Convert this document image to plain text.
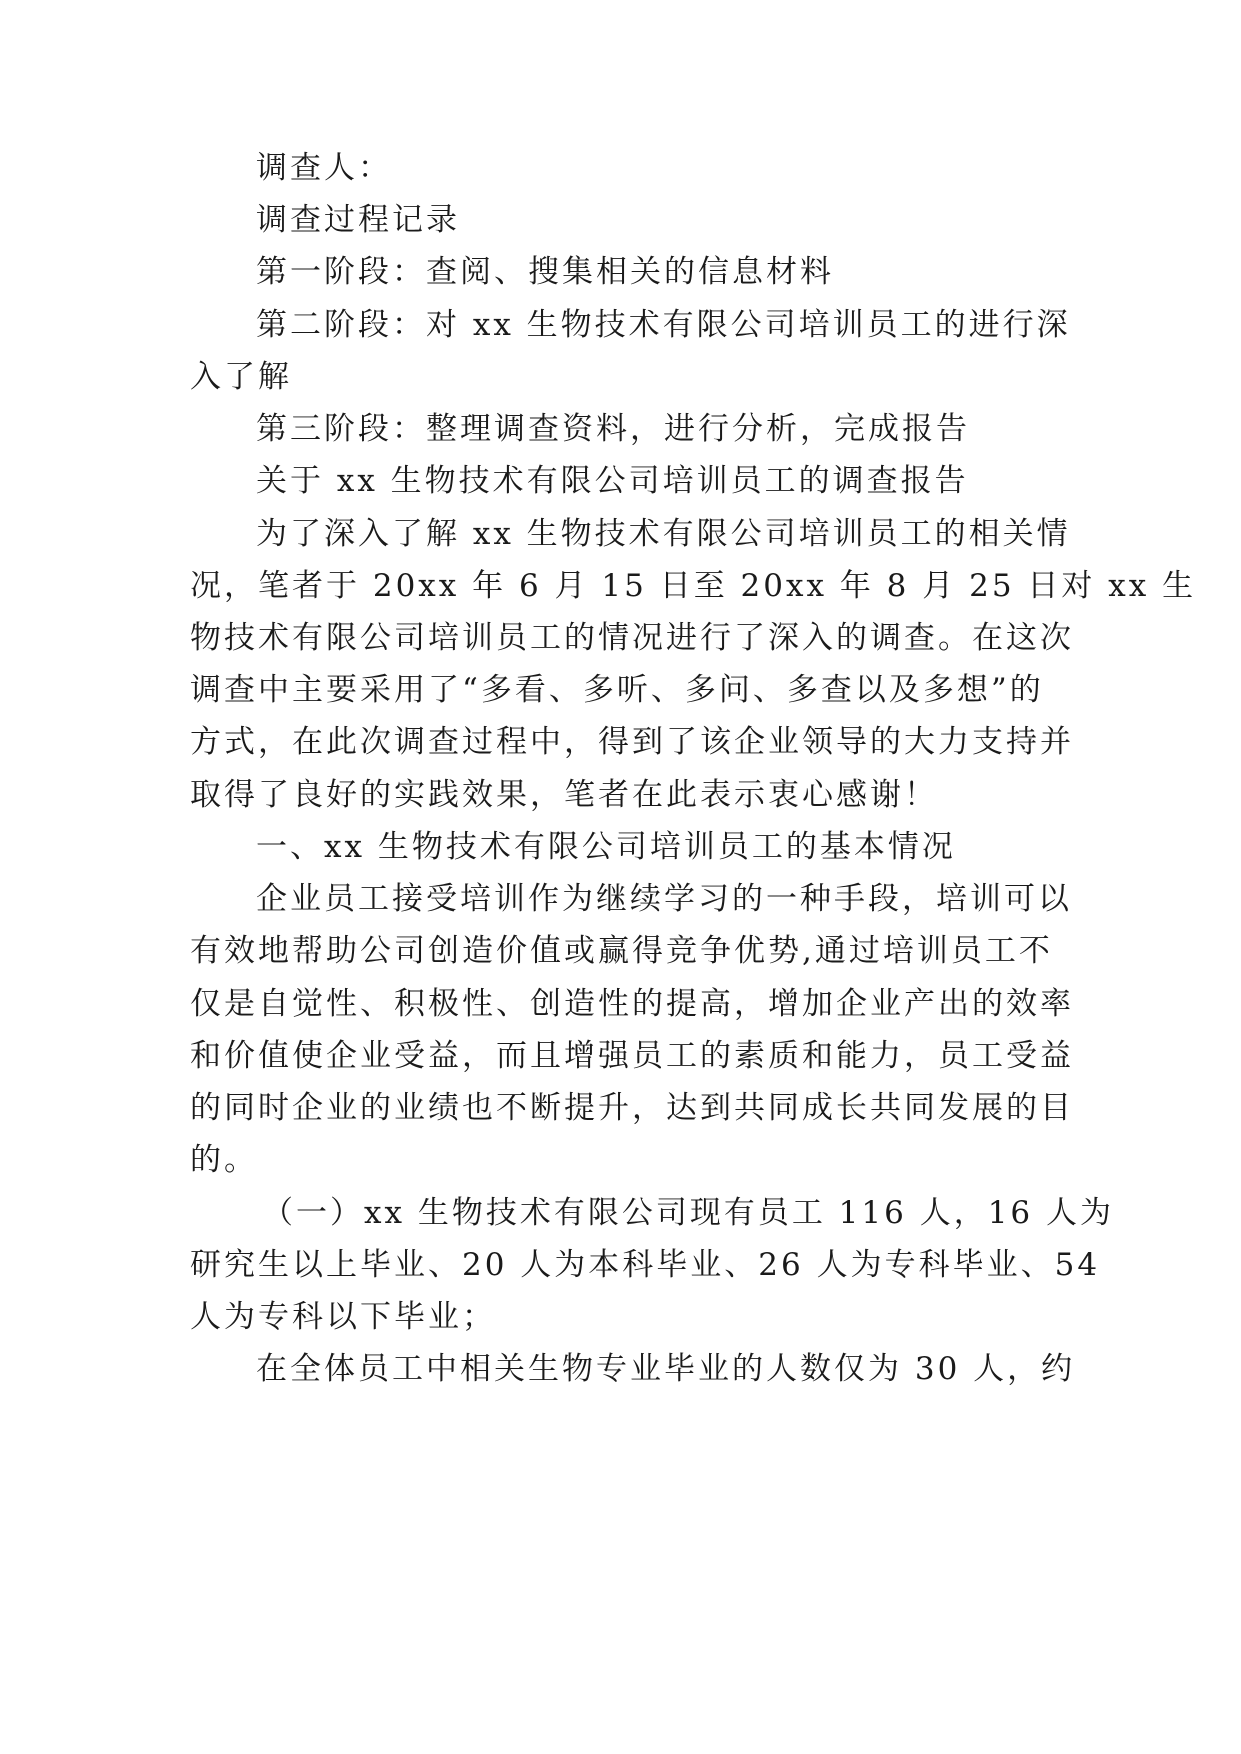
调查人：
调查过程记录
第一阶段：查阅、搜集相关的信息材料
第二阶段：对 xx 生物技术有限公司培训员工的进行深
入了解
第三阶段：整理调查资料，进行分析，完成报告
关于 xx 生物技术有限公司培训员工的调查报告
为了深入了解 xx 生物技术有限公司培训员工的相关情
况，笔者于 20xx 年 6 月 15 日至 20xx 年 8 月 25 日对 xx 生
物技术有限公司培训员工的情况进行了深入的调查。在这次
调查中主要采用了“多看、多听、多问、多查以及多想”的
方式，在此次调查过程中，得到了该企业领导的大力支持并
取得了良好的实践效果，笔者在此表示衷心感谢！
一、xx 生物技术有限公司培训员工的基本情况
企业员工接受培训作为继续学习的一种手段，培训可以
有效地帮助公司创造价值或赢得竞争优势,通过培训员工不
仅是自觉性、积极性、创造性的提高，增加企业产出的效率
和价值使企业受益，而且增强员工的素质和能力，员工受益
的同时企业的业绩也不断提升，达到共同成长共同发展的目
的。
（一）xx 生物技术有限公司现有员工 116 人，16 人为
研究生以上毕业、20 人为本科毕业、26 人为专科毕业、54
人为专科以下毕业；
在全体员工中相关生物专业毕业的人数仅为 30 人，约
